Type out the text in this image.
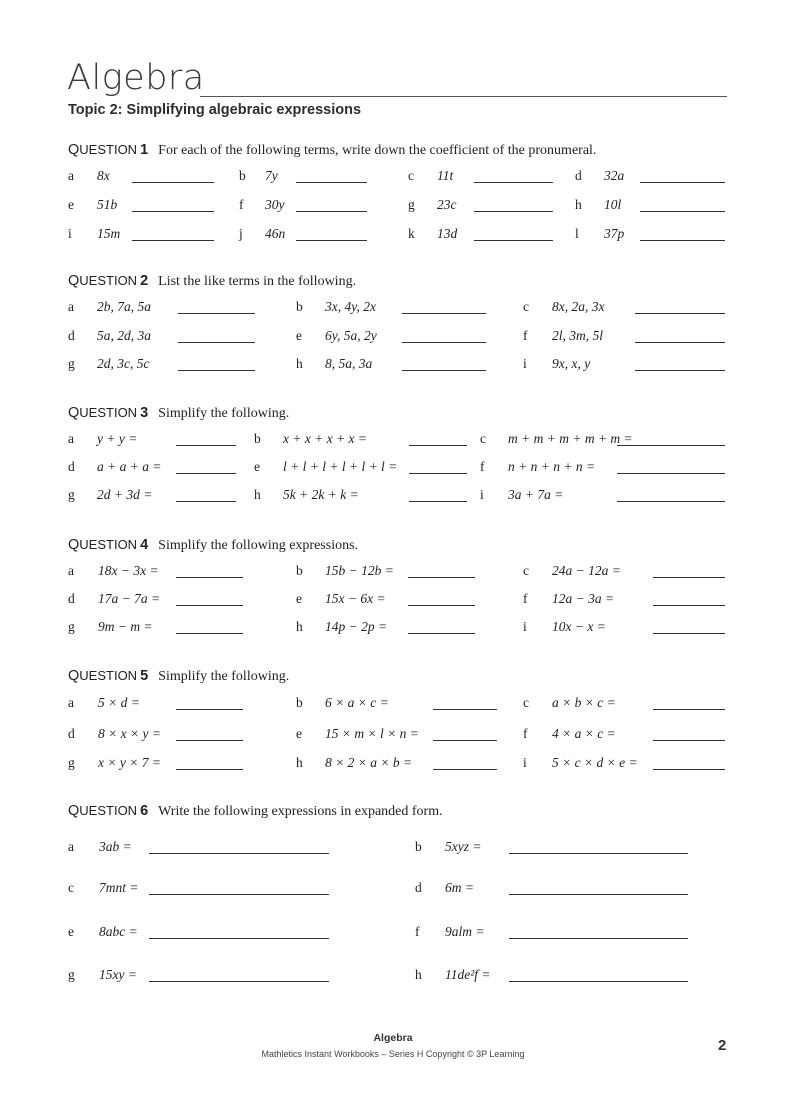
Algebra
Topic 2: Simplifying algebraic expressions
QUESTION 1 For each of the following terms, write down the coefficient of the pronumeral.
a 8x	b 7y	c 11t	d 32a
e 51b	f 30y	g 23c	h 10l
i 15m	j 46n	k 13d	l 37p
QUESTION 2 List the like terms in the following.
a 2b, 7a, 5a	b 3x, 4y, 2x	c 8x, 2a, 3x
d 5a, 2d, 3a	e 6y, 5a, 2y	f 2l, 3m, 5l
g 2d, 3c, 5c	h 8, 5a, 3a	i 9x, x, y
QUESTION 3 Simplify the following.
a y + y =	b x + x + x + x =	c m + m + m + m + m =
d a + a + a =	e l + l + l + l + l + l =	f n + n + n + n =
g 2d + 3d =	h 5k + 2k + k =	i 3a + 7a =
QUESTION 4 Simplify the following expressions.
a 18x − 3x =	b 15b − 12b =	c 24a − 12a =
d 17a − 7a =	e 15x − 6x =	f 12a − 3a =
g 9m − m =	h 14p − 2p =	i 10x − x =
QUESTION 5 Simplify the following.
a 5 × d =	b 6 × a × c =	c a × b × c =
d 8 × x × y =	e 15 × m × l × n =	f 4 × a × c =
g x × y × 7 =	h 8 × 2 × a × b =	i 5 × c × d × e =
QUESTION 6 Write the following expressions in expanded form.
a 3ab =	b 5xyz =
c 7mnt =	d 6m =
e 8abc =	f 9alm =
g 15xy =	h 11de²f =
Algebra
Mathletics Instant Workbooks – Series H Copyright © 3P Learning	2
